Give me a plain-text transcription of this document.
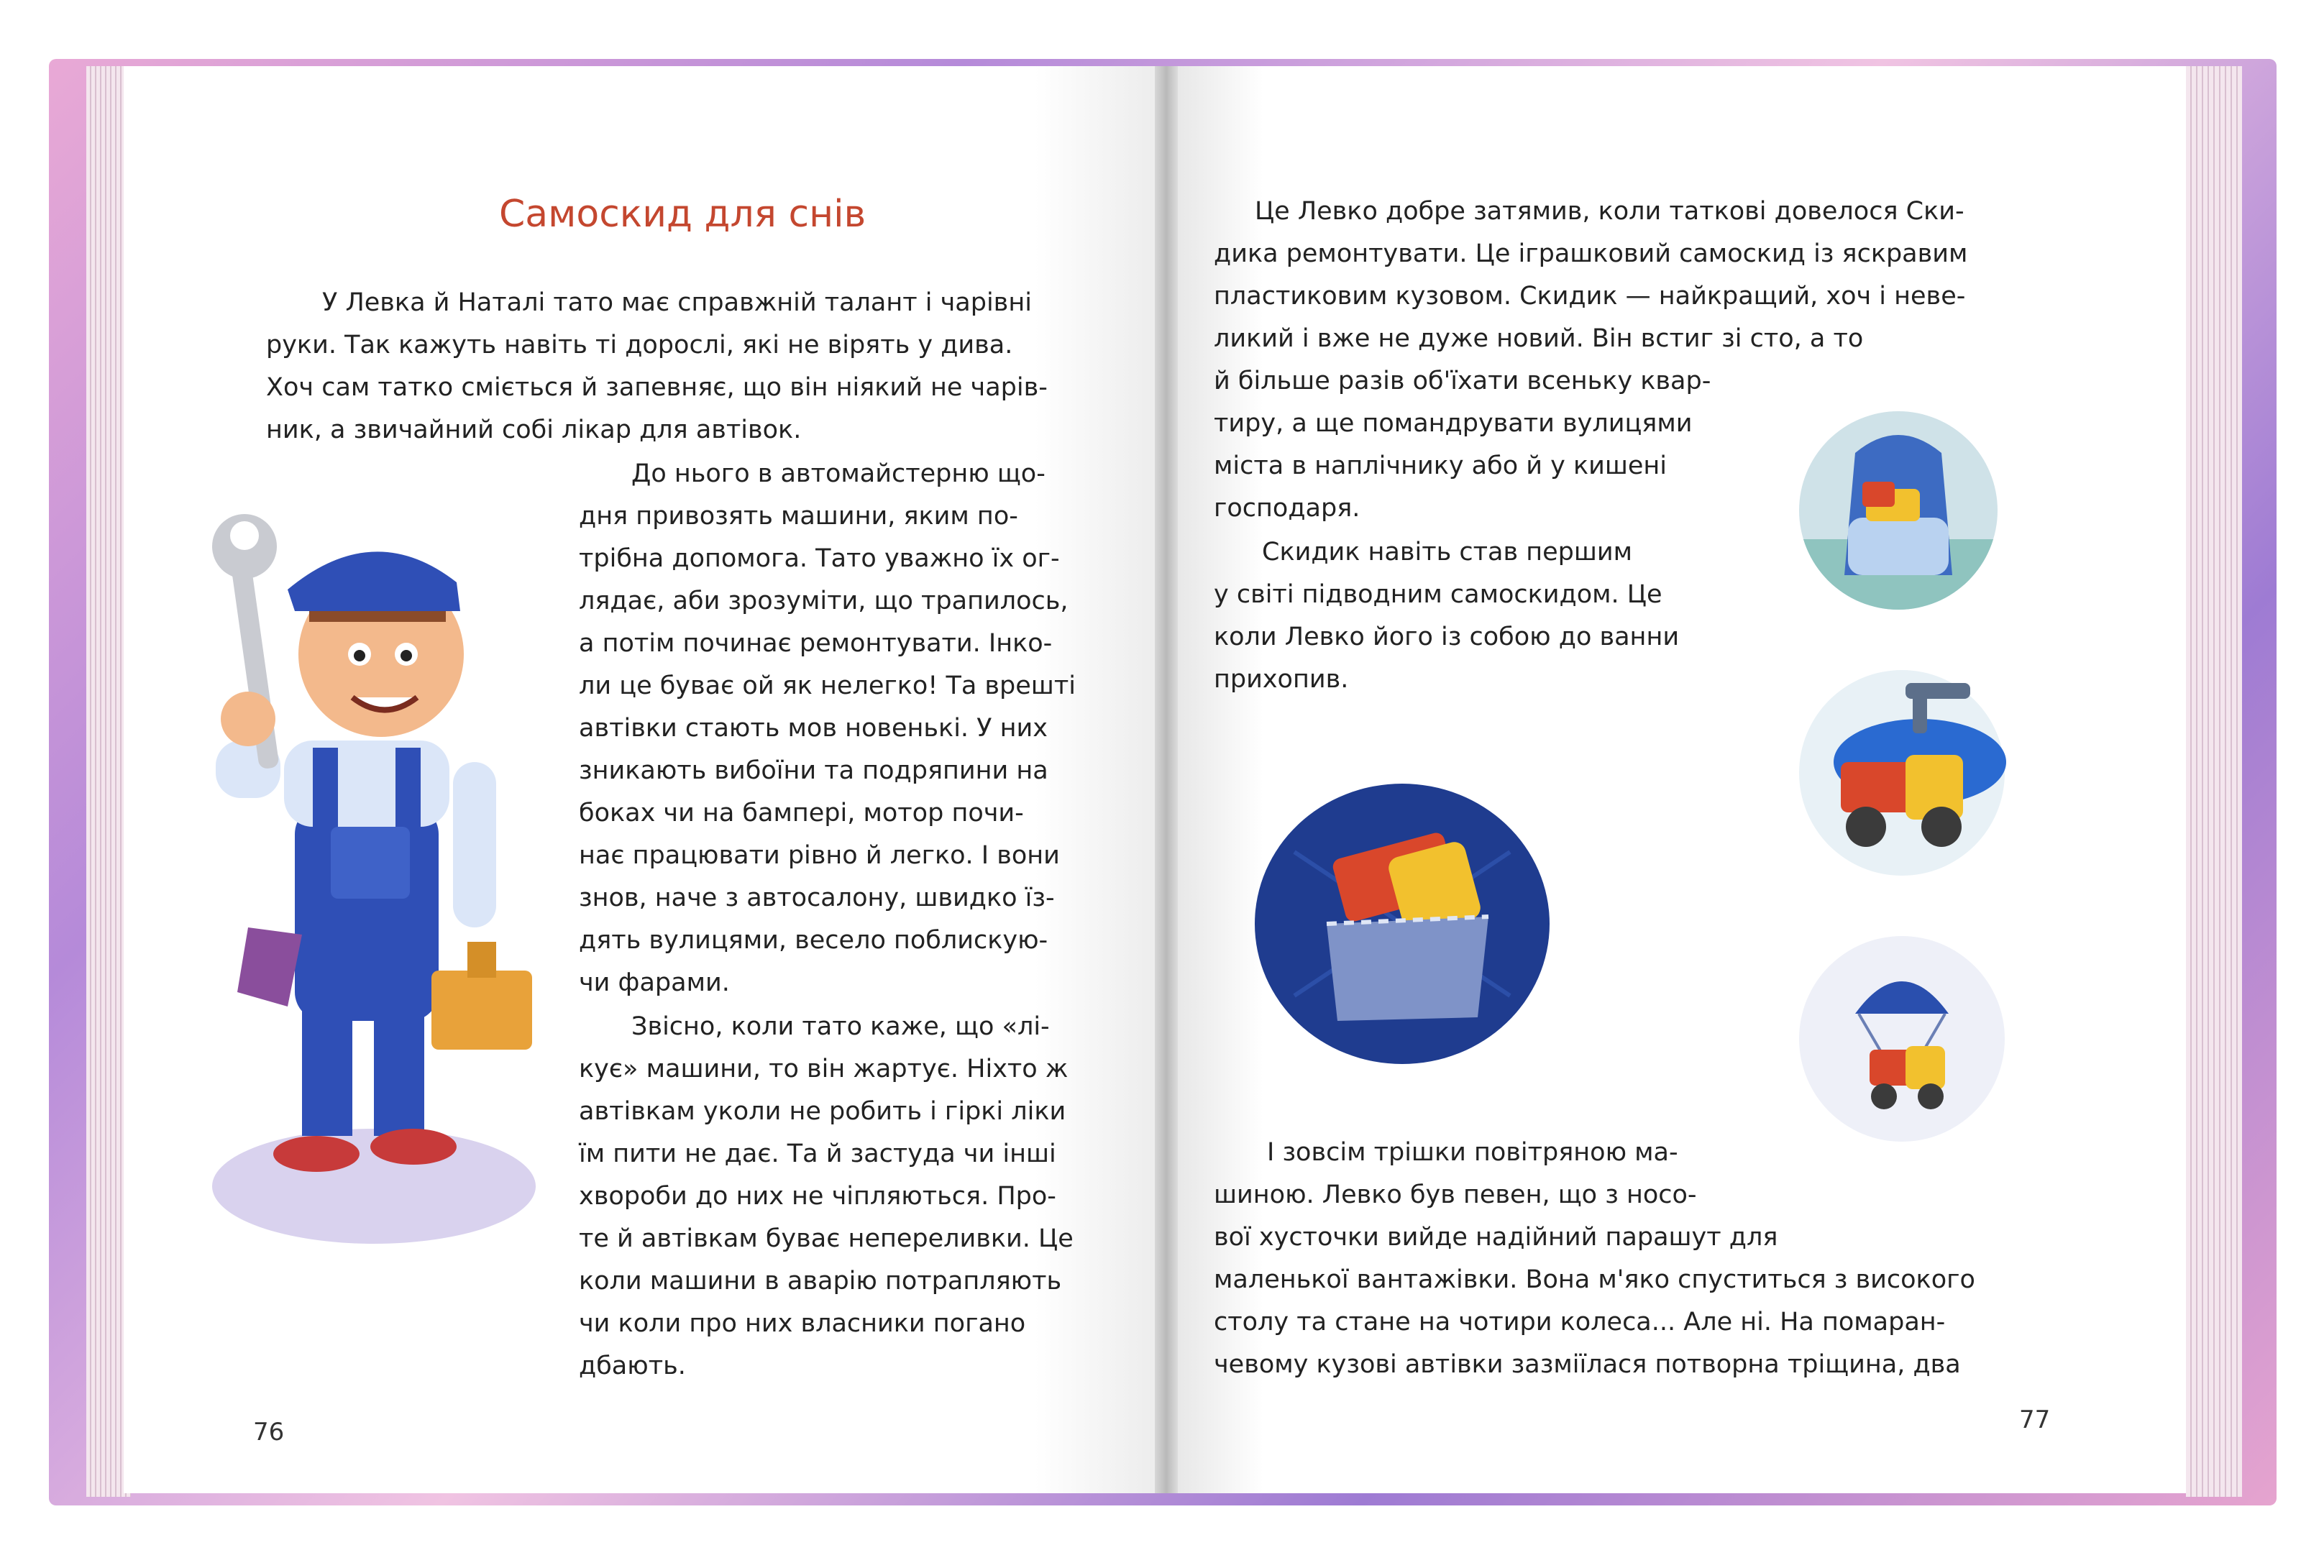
Самоскид для снів
У Левка й Наталі тато має справжній талант і чарівні
руки. Так кажуть навіть ті дорослі, які не вірять у дива.
Хоч сам татко сміється й запевняє, що він ніякий не чарів-
ник, а звичайний собі лікар для автівок.
До нього в автомайстерню що-
дня привозять машини, яким по-
трібна допомога. Тато уважно їх ог-
лядає, аби зрозуміти, що трапилось,
а потім починає ремонтувати. Інко-
ли це буває ой як нелегко! Та врешті
автівки стають мов новенькі. У них
зникають вибоїни та подряпини на
боках чи на бампері, мотор почи-
нає працювати рівно й легко. І вони
знов, наче з автосалону, швидко їз-
дять вулицями, весело поблискую-
чи фарами.
Звісно, коли тато каже, що «лі-
кує» машини, то він жартує. Ніхто ж
автівкам уколи не робить і гіркі ліки
їм пити не дає. Та й застуда чи інші
хвороби до них не чіпляються. Про-
те й автівкам буває непереливки. Це
коли машини в аварію потрапляють
чи коли про них власники погано
дбають.
76
Це Левко добре затямив, коли таткові довелося Ски-
дика ремонтувати. Це іграшковий самоскид із яскравим
пластиковим кузовом. Скидик — найкращий, хоч і неве-
ликий і вже не дуже новий. Він встиг зі сто, а то
й більше разів об'їхати всеньку квар-
тиру, а ще помандрувати вулицями
міста в наплічнику або й у кишені
господаря.
Скидик навіть став першим
у світі підводним самоскидом. Це
коли Левко його із собою до ванни
прихопив.
І зовсім трішки повітряною ма-
шиною. Левко був певен, що з носо-
вої хусточки вийде надійний парашут для
маленької вантажівки. Вона м'яко спуститься з високого
столу та стане на чотири колеса... Але ні. На помаран-
чевому кузові автівки зазміїлася потворна тріщина, два
77
